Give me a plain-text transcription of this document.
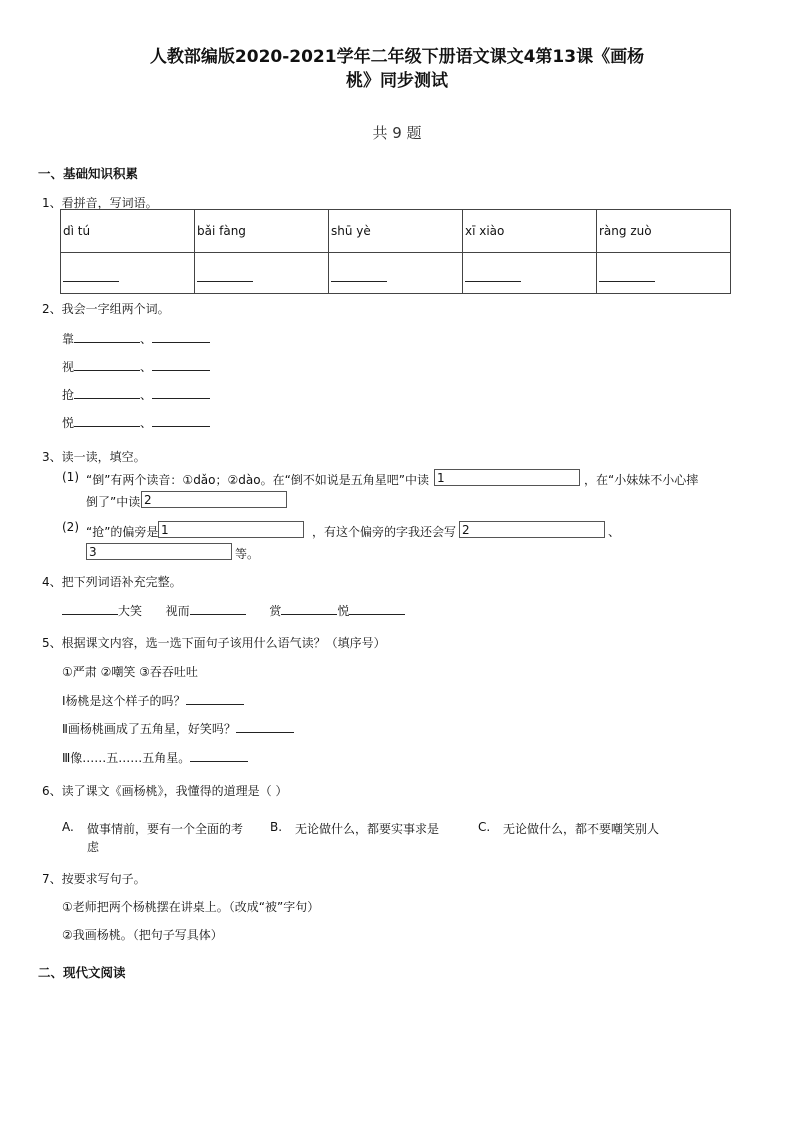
人教部编版2020-2021学年二年级下册语文课文4第13课《画杨
桃》同步测试
共 9 题
一、基础知识积累
1、看拼音，写词语。
dì tú	bǎi fàng	shū yè	xī xiào	ràng zuò

2、我会一字组两个词。
靠	、
视	、
抢	、
悦	、
3、读一读，填空。
(1) “倒”有两个读音：①dǎo；②dào。在“倒不如说是五角星吧”中读 1	，在“小妹妹不小心摔
倒了”中读 2
(2) “抢”的偏旁是 1	，有这个偏旁的字我还会写 2	、
3	等。
4、把下列词语补充完整。
大笑 视而	赏	悦
5、根据课文内容，选一选下面句子该用什么语气读？（填序号）
①严肃 ②嘲笑 ③吞吞吐吐
Ⅰ杨桃是这个样子的吗？
Ⅱ画杨桃画成了五角星，好笑吗？
Ⅲ像……五……五角星。
6、读了课文《画杨桃》，我懂得的道理是（ ）
A. 做事情前，要有一个全面的考
虑
B. 无论做什么，都要实事求是	C. 无论做什么，都不要嘲笑别人
7、按要求写句子。
①老师把两个杨桃摆在讲桌上。（改成“被”字句）
②我画杨桃。（把句子写具体）
二、现代文阅读
